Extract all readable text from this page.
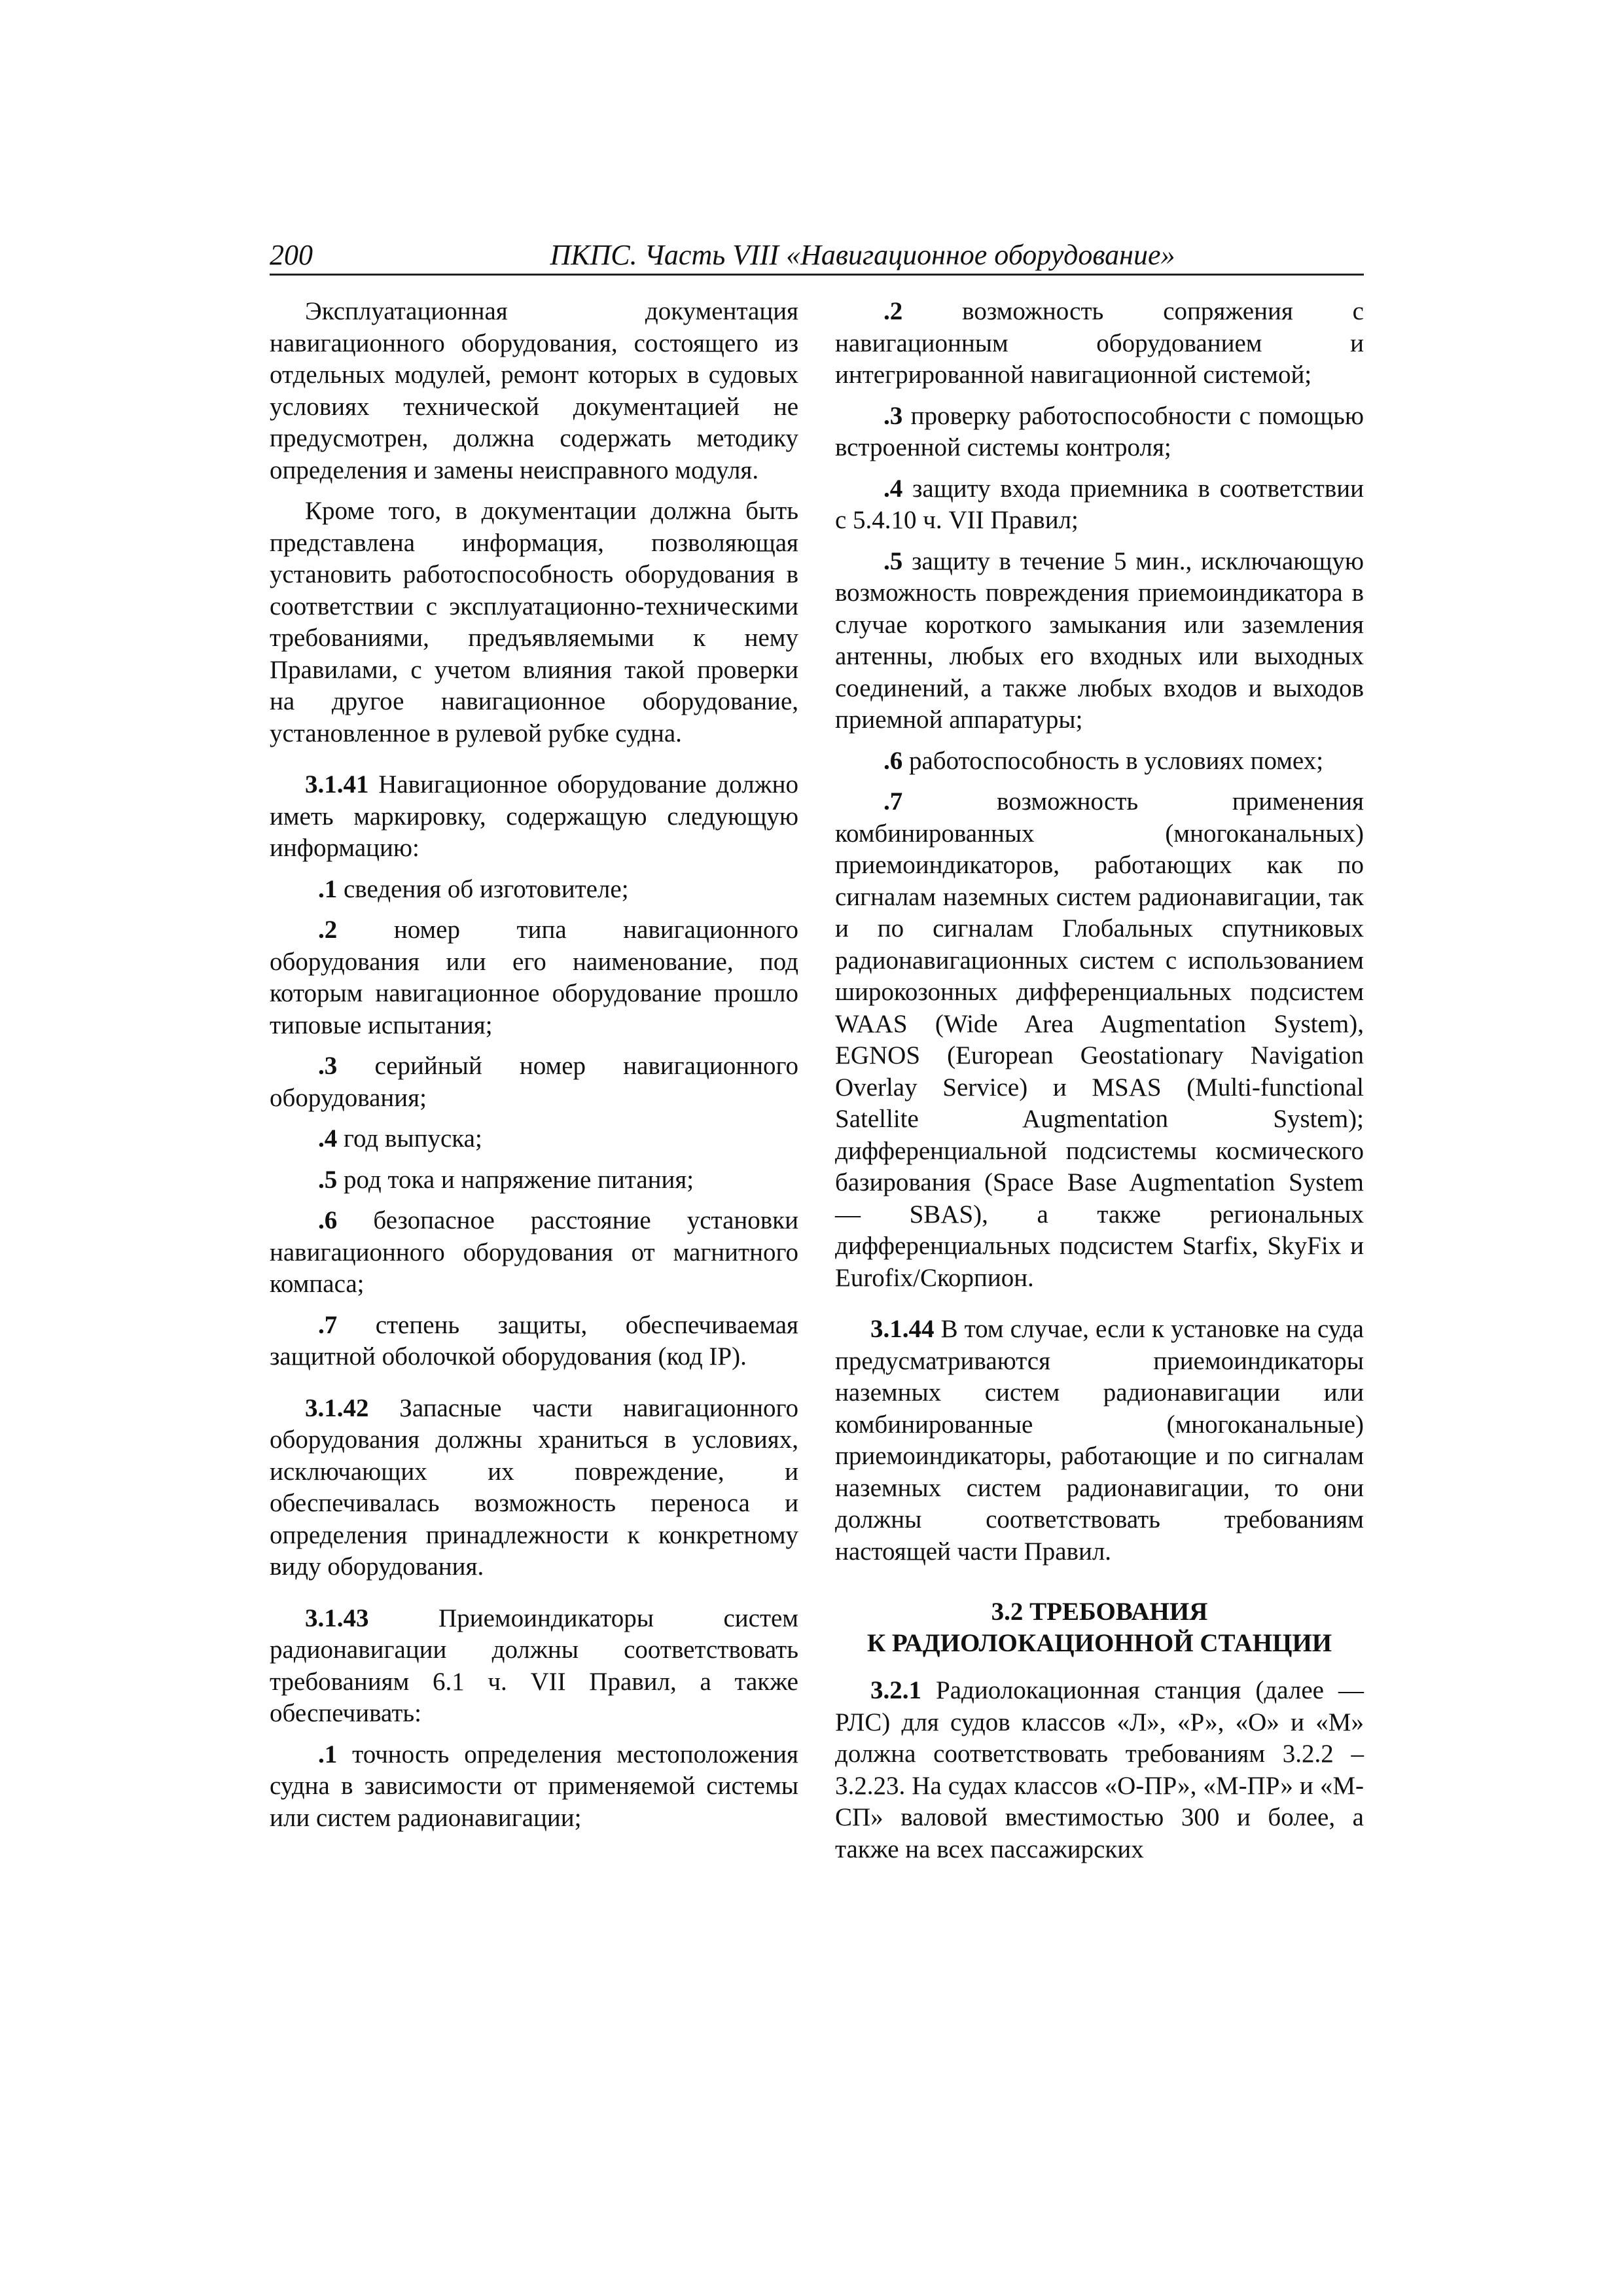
200	ПКПС. Часть VIII «Навигационное оборудование»

Эксплуатационная документация навигационного оборудования, состоящего из отдельных модулей, ремонт которых в судовых условиях технической документацией не предусмотрен, должна содержать методику определения и замены неисправного модуля.

Кроме того, в документации должна быть представлена информация, позволяющая установить работоспособность оборудования в соответствии с эксплуатационно-техническими требованиями, предъявляемыми к нему Правилами, с учетом влияния такой проверки на другое навигационное оборудование, установленное в рулевой рубке судна.

3.1.41 Навигационное оборудование должно иметь маркировку, содержащую следующую информацию:

.1 сведения об изготовителе;

.2 номер типа навигационного оборудования или его наименование, под которым навигационное оборудование прошло типовые испытания;

.3 серийный номер навигационного оборудования;

.4 год выпуска;

.5 род тока и напряжение питания;

.6 безопасное расстояние установки навигационного оборудования от магнитного компаса;

.7 степень защиты, обеспечиваемая защитной оболочкой оборудования (код IP).

3.1.42 Запасные части навигационного оборудования должны храниться в условиях, исключающих их повреждение, и обеспечивалась возможность переноса и определения принадлежности к конкретному виду оборудования.

3.1.43 Приемоиндикаторы систем радионавигации должны соответствовать требованиям 6.1 ч. VII Правил, а также обеспечивать:

.1 точность определения местоположения судна в зависимости от применяемой системы или систем радионавигации;

.2 возможность сопряжения с навигационным оборудованием и интегрированной навигационной системой;

.3 проверку работоспособности с помощью встроенной системы контроля;

.4 защиту входа приемника в соответствии с 5.4.10 ч. VII Правил;

.5 защиту в течение 5 мин., исключающую возможность повреждения приемоиндикатора в случае короткого замыкания или заземления антенны, любых его входных или выходных соединений, а также любых входов и выходов приемной аппаратуры;

.6 работоспособность в условиях помех;

.7 возможность применения комбинированных (многоканальных) приемоиндикаторов, работающих как по сигналам наземных систем радионавигации, так и по сигналам Глобальных спутниковых радионавигационных систем с использованием широкозонных дифференциальных подсистем WAAS (Wide Area Augmentation System), EGNOS (European Geostationary Navigation Overlay Service) и MSAS (Multi-functional Satellite Augmentation System); дифференциальной подсистемы космического базирования (Space Base Augmentation System — SBAS), а также региональных дифференциальных подсистем Starfix, SkyFix и Eurofix/Скорпион.

3.1.44 В том случае, если к установке на суда предусматриваются приемоиндикаторы наземных систем радионавигации или комбинированные (многоканальные) приемоиндикаторы, работающие и по сигналам наземных систем радионавигации, то они должны соответствовать требованиям настоящей части Правил.

3.2 ТРЕБОВАНИЯ
К РАДИОЛОКАЦИОННОЙ СТАНЦИИ

3.2.1 Радиолокационная станция (далее — РЛС) для судов классов «Л», «Р», «О» и «М» должна соответствовать требованиям 3.2.2 – 3.2.23. На судах классов «О-ПР», «М-ПР» и «М-СП» валовой вместимостью 300 и более, а также на всех пассажирских
